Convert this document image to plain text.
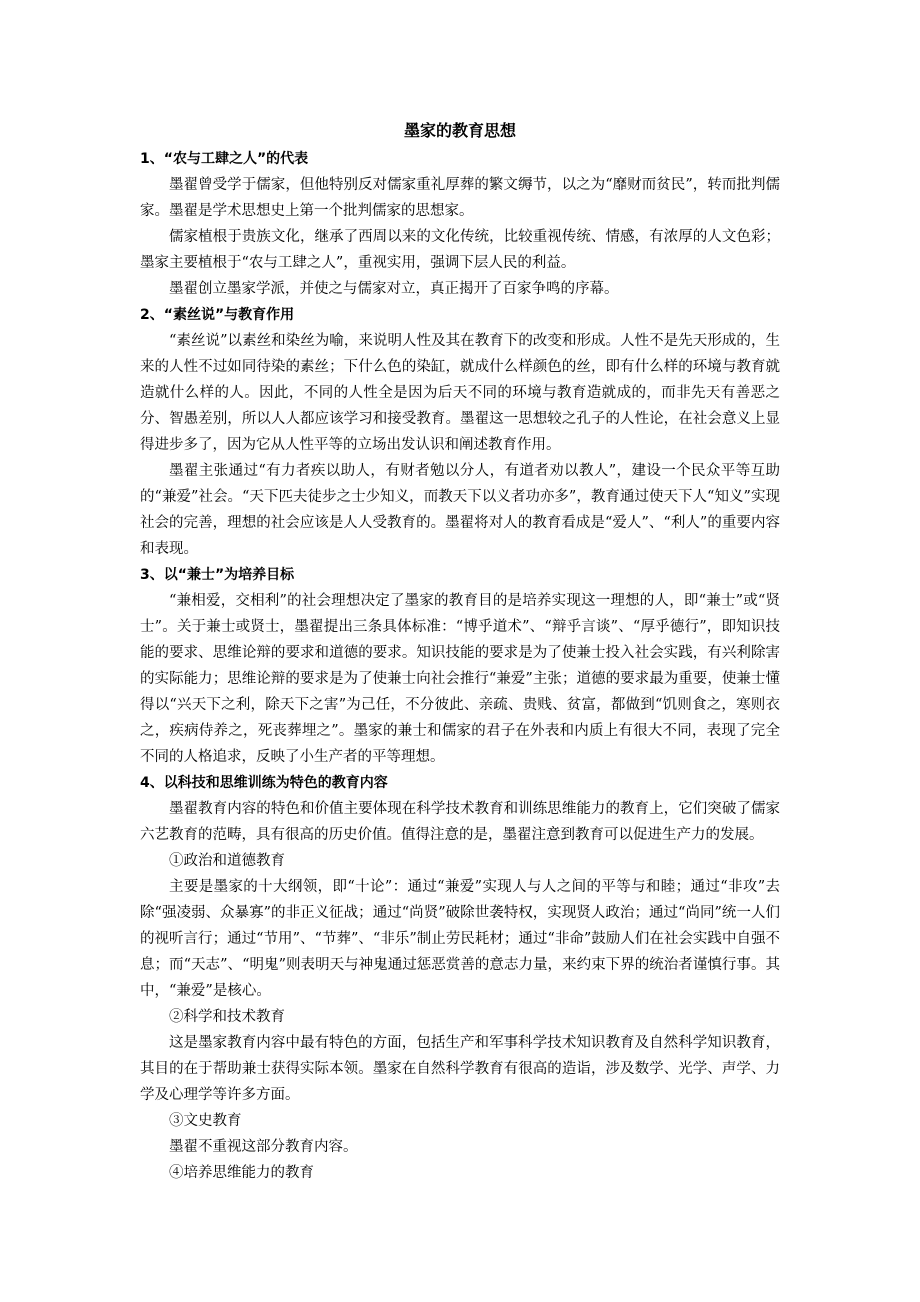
墨家的教育思想
1、“农与工肆之人”的代表

墨翟曾受学于儒家，但他特别反对儒家重礼厚葬的繁文缛节，以之为“靡财而贫民”，转而批判儒家。墨翟是学术思想史上第一个批判儒家的思想家。

儒家植根于贵族文化，继承了西周以来的文化传统，比较重视传统、情感，有浓厚的人文色彩；墨家主要植根于“农与工肆之人”，重视实用，强调下层人民的利益。

墨翟创立墨家学派，并使之与儒家对立，真正揭开了百家争鸣的序幕。

2、“素丝说”与教育作用

“素丝说”以素丝和染丝为喻，来说明人性及其在教育下的改变和形成。人性不是先天形成的，生来的人性不过如同待染的素丝；下什么色的染缸，就成什么样颜色的丝，即有什么样的环境与教育就造就什么样的人。因此，不同的人性全是因为后天不同的环境与教育造就成的，而非先天有善恶之分、智愚差别，所以人人都应该学习和接受教育。墨翟这一思想较之孔子的人性论，在社会意义上显得进步多了，因为它从人性平等的立场出发认识和阐述教育作用。

墨翟主张通过“有力者疾以助人，有财者勉以分人，有道者劝以教人”，建设一个民众平等互助的“兼爱”社会。“天下匹夫徒步之士少知义，而教天下以义者功亦多”，教育通过使天下人“知义”实现社会的完善，理想的社会应该是人人受教育的。墨翟将对人的教育看成是“爱人”、“利人”的重要内容和表现。

3、以“兼士”为培养目标

“兼相爱，交相利”的社会理想决定了墨家的教育目的是培养实现这一理想的人，即“兼士”或“贤士”。关于兼士或贤士，墨翟提出三条具体标准：“博乎道术”、“辩乎言谈”、“厚乎德行”，即知识技能的要求、思维论辩的要求和道德的要求。知识技能的要求是为了使兼士投入社会实践，有兴利除害的实际能力；思维论辩的要求是为了使兼士向社会推行“兼爱”主张；道德的要求最为重要，使兼士懂得以“兴天下之利，除天下之害”为己任，不分彼此、亲疏、贵贱、贫富，都做到“饥则食之，寒则衣之，疾病侍养之，死丧葬埋之”。墨家的兼士和儒家的君子在外表和内质上有很大不同，表现了完全不同的人格追求，反映了小生产者的平等理想。

4、以科技和思维训练为特色的教育内容

墨翟教育内容的特色和价值主要体现在科学技术教育和训练思维能力的教育上，它们突破了儒家六艺教育的范畴，具有很高的历史价值。值得注意的是，墨翟注意到教育可以促进生产力的发展。

①政治和道德教育

主要是墨家的十大纲领，即“十论”：通过“兼爱”实现人与人之间的平等与和睦；通过“非攻”去除“强凌弱、众暴寡”的非正义征战；通过“尚贤”破除世袭特权，实现贤人政治；通过“尚同”统一人们的视听言行；通过“节用”、“节葬”、“非乐”制止劳民耗材；通过“非命”鼓励人们在社会实践中自强不息；而“天志”、“明鬼”则表明天与神鬼通过惩恶赏善的意志力量，来约束下界的统治者谨慎行事。其中，“兼爱”是核心。

②科学和技术教育

这是墨家教育内容中最有特色的方面，包括生产和军事科学技术知识教育及自然科学知识教育，其目的在于帮助兼士获得实际本领。墨家在自然科学教育有很高的造诣，涉及数学、光学、声学、力学及心理学等许多方面。

③文史教育

墨翟不重视这部分教育内容。

④培养思维能力的教育
